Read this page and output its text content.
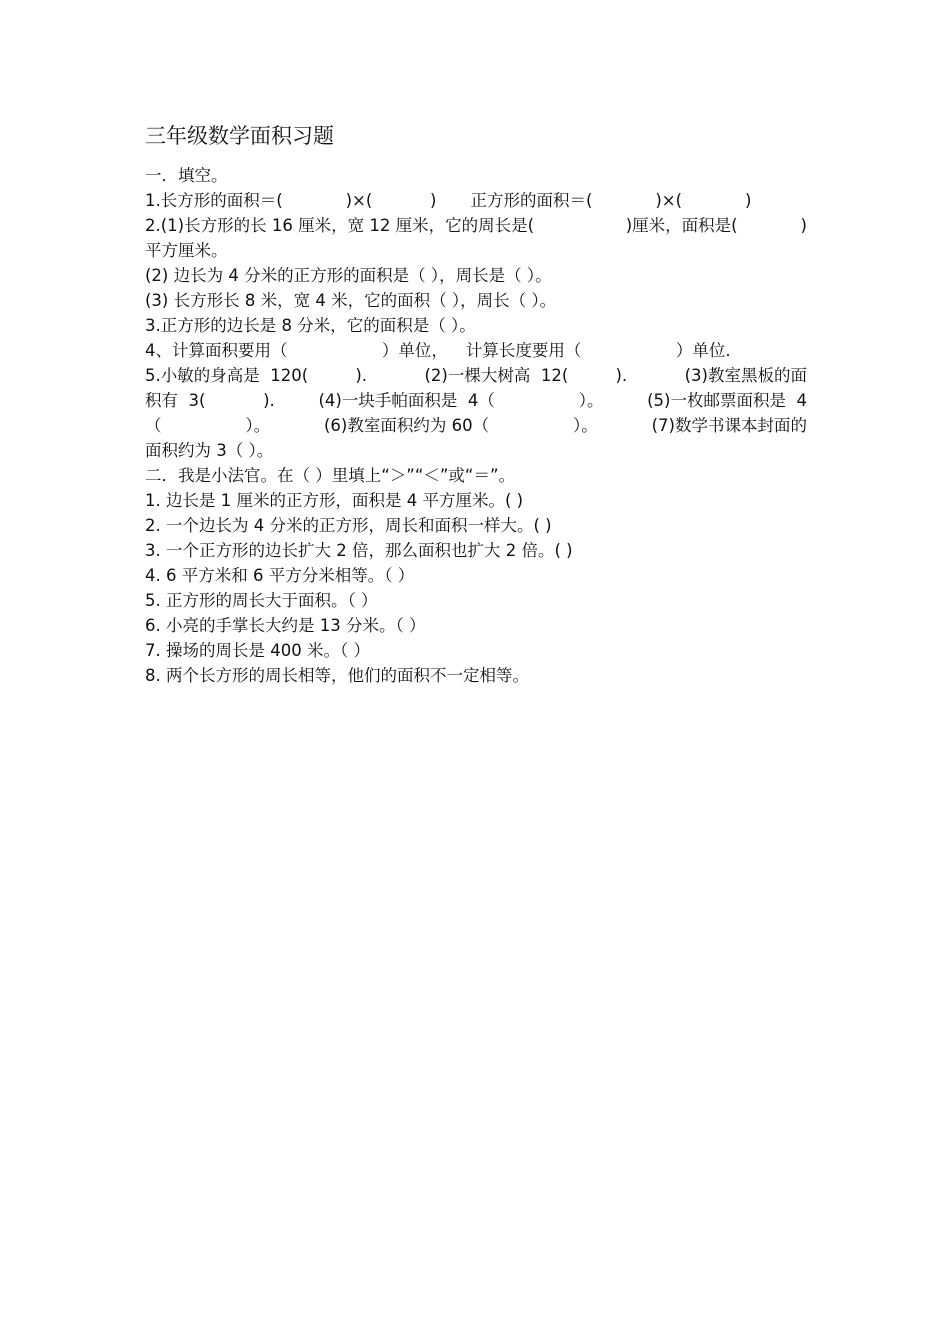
三年级数学面积习题
一．填空。
1.长方形的面积＝(            )×(           ) 正方形的面积＝(            )×(            )
2.(1)长方形的长 16 厘米，宽 12 厘米，它的周长是( )厘米，面积是(            )
平方厘米。
(2) 边长为 4 分米的正方形的面积是（ ），周长是（ ）。
(3) 长方形长 8 米，宽 4 米，它的面积（ ），周长（ ）。
3.正方形的边长是 8 分米，它的面积是（ ）。
4、计算面积要用（                  ）单位， 计算长度要用（                  ）单位.
5.小敏的身高是  120(         ).	(2)一棵大树高  12(         ).	(3)教室黑板的面
积有  3(           ).	(4)一块手帕面积是  4（                ）。	(5)一枚邮票面积是  4
（                ）。	(6)教室面积约为 60（                ）。	(7)数学书课本封面的
面积约为 3（ ）。
二．我是小法官。在（ ）里填上“＞”“＜”或“＝”。
1. 边长是 1 厘米的正方形，面积是 4 平方厘米。( )
2. 一个边长为 4 分米的正方形，周长和面积一样大。( )
3. 一个正方形的边长扩大 2 倍，那么面积也扩大 2 倍。( )
4. 6 平方米和 6 平方分米相等。（ ）
5. 正方形的周长大于面积。（ ）
6. 小亮的手掌长大约是 13 分米。（ ）
7. 操场的周长是 400 米。（ ）
8. 两个长方形的周长相等，他们的面积不一定相等。
